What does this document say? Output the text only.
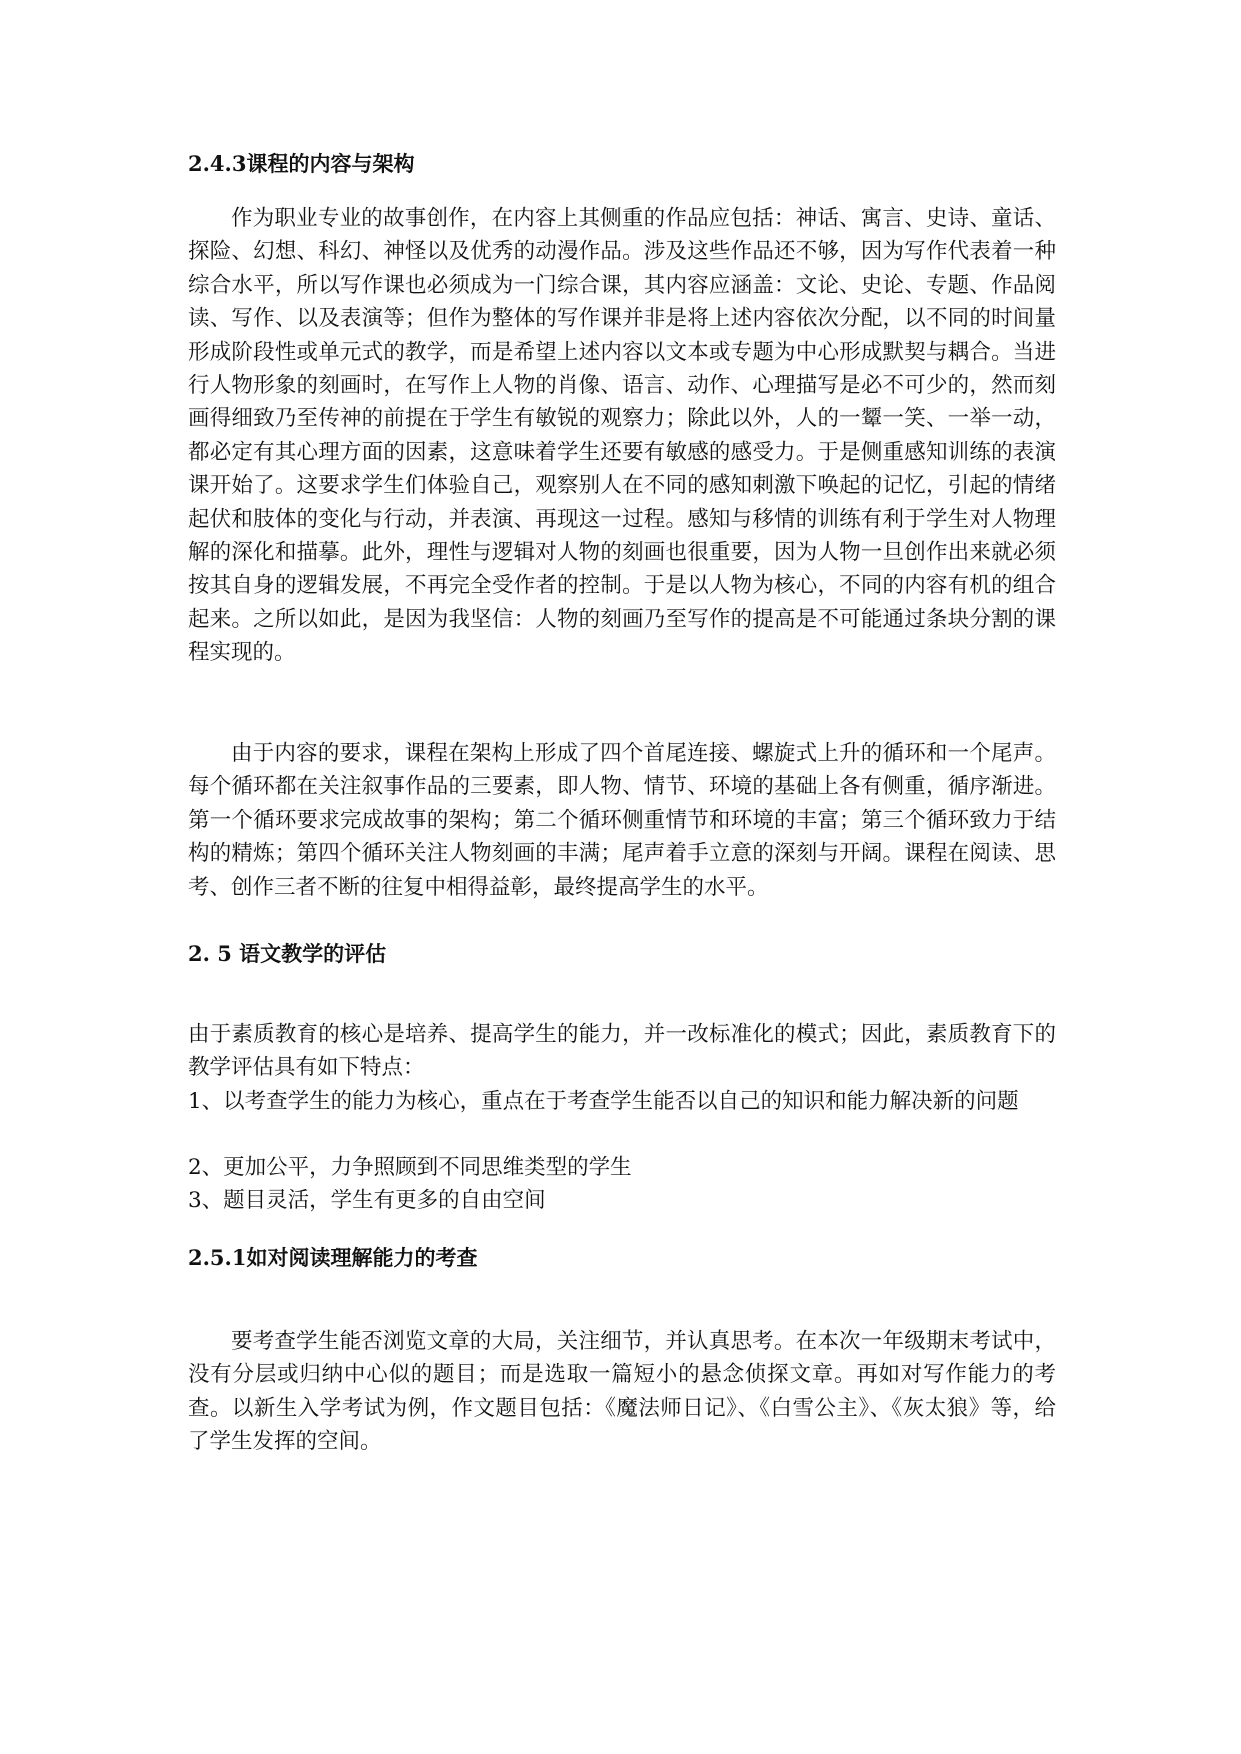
2.4.3课程的内容与架构

作为职业专业的故事创作，在内容上其侧重的作品应包括：神话、寓言、史诗、童话、探险、幻想、科幻、神怪以及优秀的动漫作品。涉及这些作品还不够，因为写作代表着一种综合水平，所以写作课也必须成为一门综合课，其内容应涵盖：文论、史论、专题、作品阅读、写作、以及表演等；但作为整体的写作课并非是将上述内容依次分配，以不同的时间量形成阶段性或单元式的教学，而是希望上述内容以文本或专题为中心形成默契与耦合。当进行人物形象的刻画时，在写作上人物的肖像、语言、动作、心理描写是必不可少的，然而刻画得细致乃至传神的前提在于学生有敏锐的观察力；除此以外，人的一颦一笑、一举一动，都必定有其心理方面的因素，这意味着学生还要有敏感的感受力。于是侧重感知训练的表演课开始了。这要求学生们体验自己，观察别人在不同的感知刺激下唤起的记忆，引起的情绪起伏和肢体的变化与行动，并表演、再现这一过程。感知与移情的训练有利于学生对人物理解的深化和描摹。此外，理性与逻辑对人物的刻画也很重要，因为人物一旦创作出来就必须按其自身的逻辑发展，不再完全受作者的控制。于是以人物为核心，不同的内容有机的组合起来。之所以如此，是因为我坚信：人物的刻画乃至写作的提高是不可能通过条块分割的课程实现的。

由于内容的要求，课程在架构上形成了四个首尾连接、螺旋式上升的循环和一个尾声。每个循环都在关注叙事作品的三要素，即人物、情节、环境的基础上各有侧重，循序渐进。第一个循环要求完成故事的架构；第二个循环侧重情节和环境的丰富；第三个循环致力于结构的精炼；第四个循环关注人物刻画的丰满；尾声着手立意的深刻与开阔。课程在阅读、思考、创作三者不断的往复中相得益彰，最终提高学生的水平。

2. 5 语文教学的评估

由于素质教育的核心是培养、提高学生的能力，并一改标准化的模式；因此，素质教育下的教学评估具有如下特点：

1、以考查学生的能力为核心，重点在于考查学生能否以自己的知识和能力解决新的问题

2、更加公平，力争照顾到不同思维类型的学生

3、题目灵活，学生有更多的自由空间

2.5.1如对阅读理解能力的考查

要考查学生能否浏览文章的大局，关注细节，并认真思考。在本次一年级期末考试中，没有分层或归纳中心似的题目；而是选取一篇短小的悬念侦探文章。再如对写作能力的考查。以新生入学考试为例，作文题目包括：《魔法师日记》、《白雪公主》、《灰太狼》等，给了学生发挥的空间。
